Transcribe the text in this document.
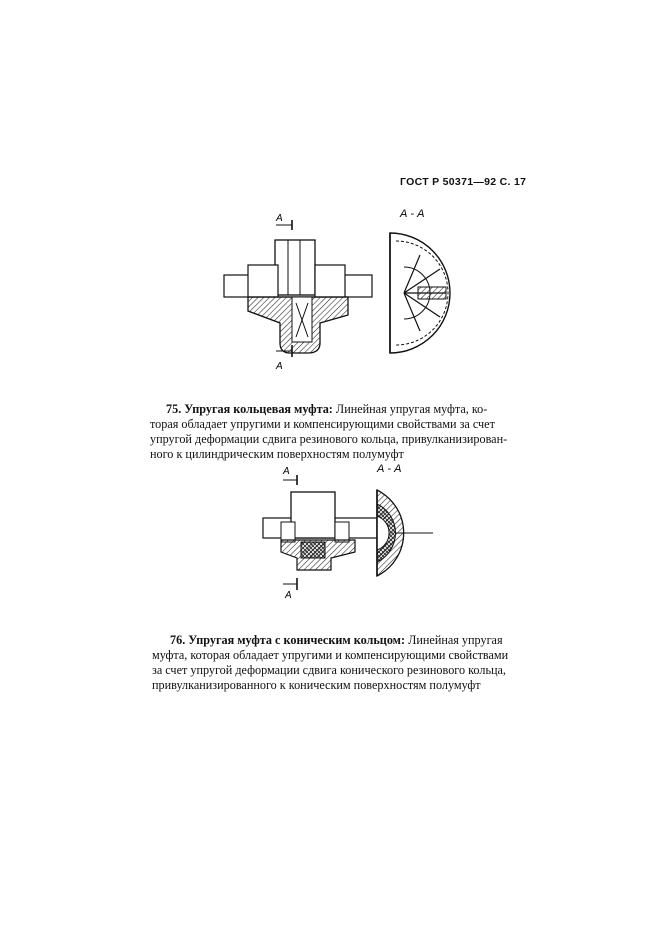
ГОСТ Р 50371—92 С. 17
А - А
А
А
75. Упругая кольцевая муфта: Линейная упругая муфта, ко-
торая обладает упругими и компенсирующими свойствами за счет
упругой деформации сдвига резинового кольца, привулканизирован-
ного к цилиндрическим поверхностям полумуфт
А - А
А
А
76. Упругая муфта с коническим кольцом: Линейная упругая
муфта, которая обладает упругими и компенсирующими свойствами
за счет упругой деформации сдвига конического резинового кольца,
привулканизированного к коническим поверхностям полумуфт
